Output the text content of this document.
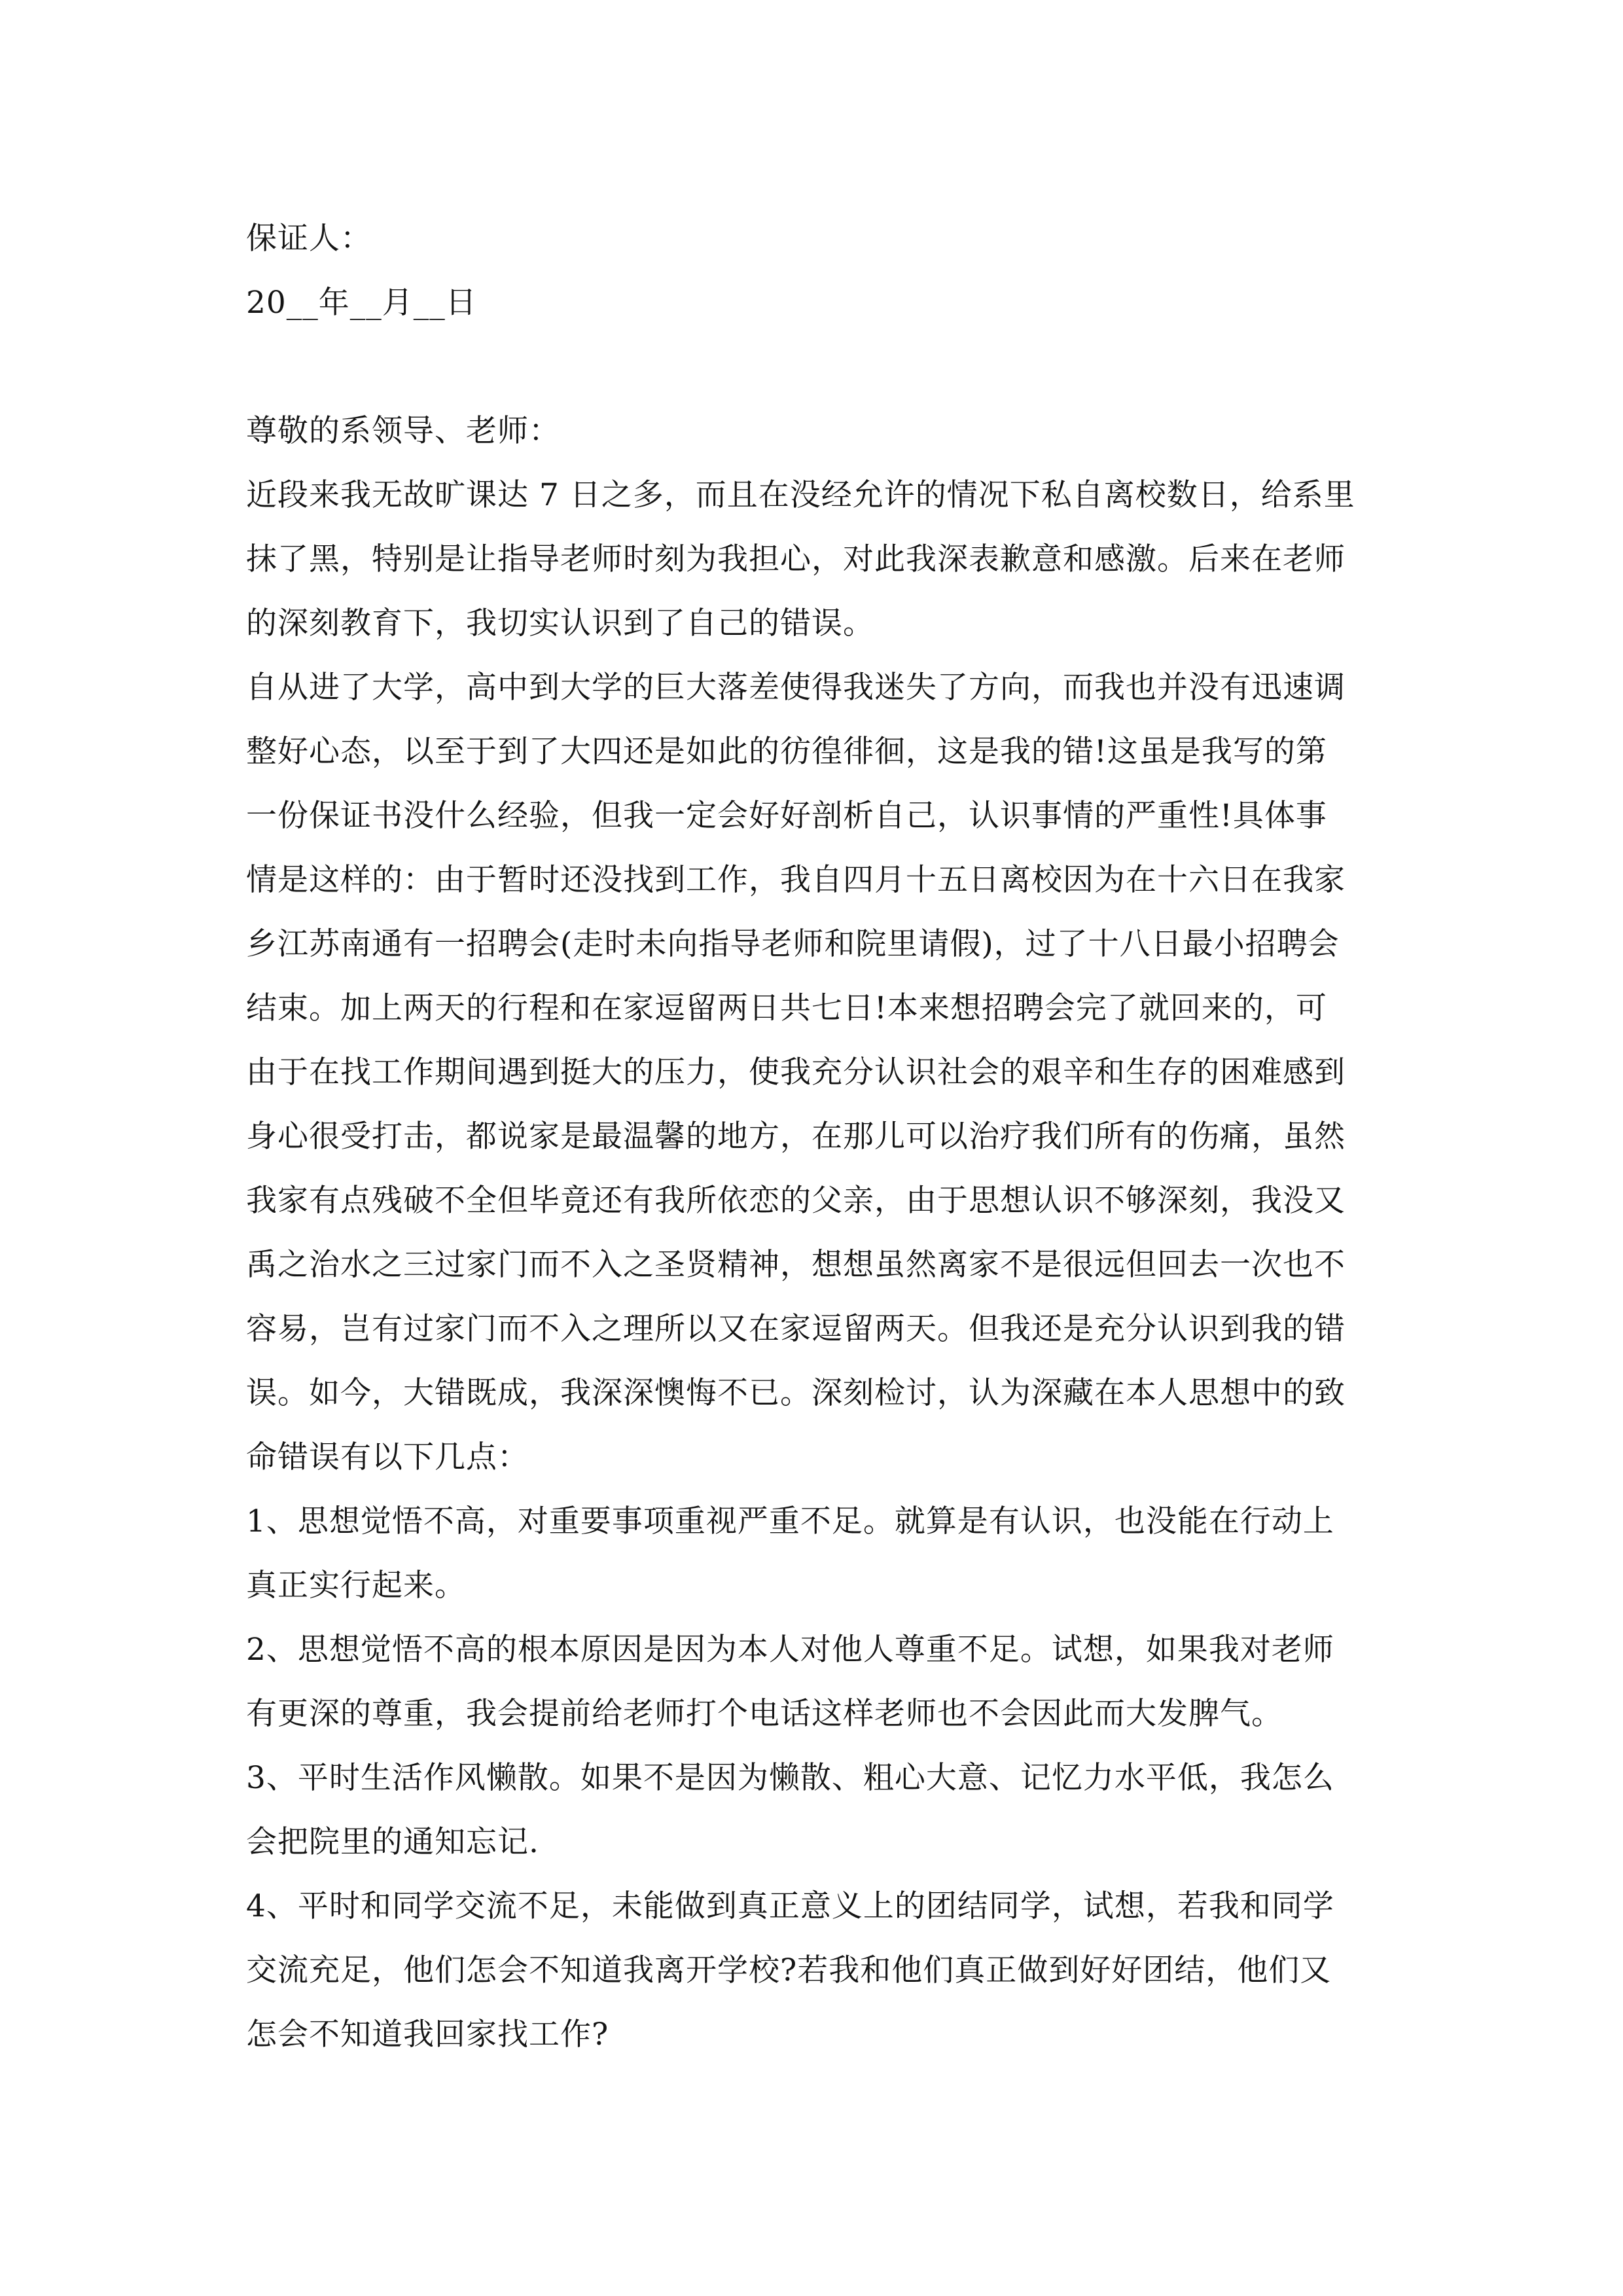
保证人：
20__年__月__日
尊敬的系领导、老师：
近段来我无故旷课达 7 日之多，而且在没经允许的情况下私自离校数日，给系里
抹了黑，特别是让指导老师时刻为我担心，对此我深表歉意和感激。后来在老师
的深刻教育下，我切实认识到了自己的错误。
自从进了大学，高中到大学的巨大落差使得我迷失了方向，而我也并没有迅速调
整好心态，以至于到了大四还是如此的彷徨徘徊，这是我的错!这虽是我写的第
一份保证书没什么经验，但我一定会好好剖析自己，认识事情的严重性!具体事
情是这样的：由于暂时还没找到工作，我自四月十五日离校因为在十六日在我家
乡江苏南通有一招聘会(走时未向指导老师和院里请假)，过了十八日最小招聘会
结束。加上两天的行程和在家逗留两日共七日!本来想招聘会完了就回来的，可
由于在找工作期间遇到挺大的压力，使我充分认识社会的艰辛和生存的困难感到
身心很受打击，都说家是最温馨的地方，在那儿可以治疗我们所有的伤痛，虽然
我家有点残破不全但毕竟还有我所依恋的父亲，由于思想认识不够深刻，我没又
禹之治水之三过家门而不入之圣贤精神，想想虽然离家不是很远但回去一次也不
容易，岂有过家门而不入之理所以又在家逗留两天。但我还是充分认识到我的错
误。如今，大错既成，我深深懊悔不已。深刻检讨，认为深藏在本人思想中的致
命错误有以下几点：
1、思想觉悟不高，对重要事项重视严重不足。就算是有认识，也没能在行动上
真正实行起来。
2、思想觉悟不高的根本原因是因为本人对他人尊重不足。试想，如果我对老师
有更深的尊重，我会提前给老师打个电话这样老师也不会因此而大发脾气。
3、平时生活作风懒散。如果不是因为懒散、粗心大意、记忆力水平低，我怎么
会把院里的通知忘记.
4、平时和同学交流不足，未能做到真正意义上的团结同学，试想，若我和同学
交流充足，他们怎会不知道我离开学校?若我和他们真正做到好好团结，他们又
怎会不知道我回家找工作?
